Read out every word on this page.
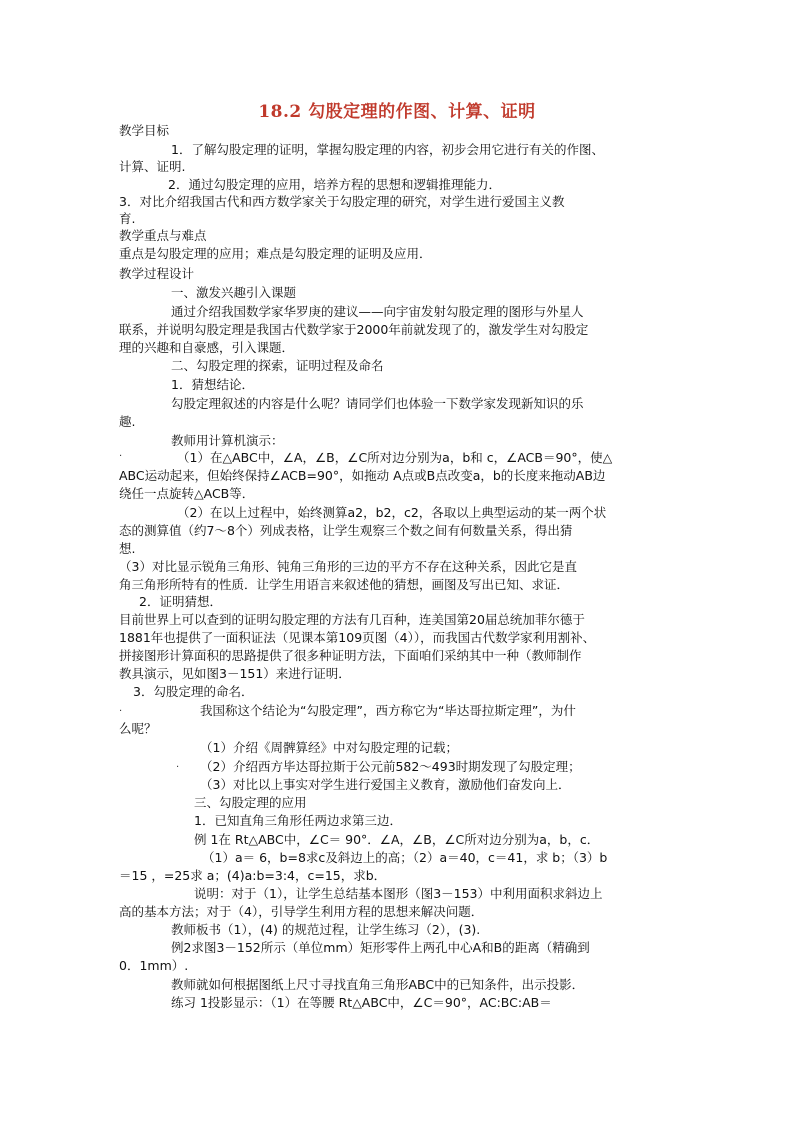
18.2 勾股定理的作图、计算、证明
教学目标
1．了解勾股定理的证明，掌握勾股定理的内容，初步会用它进行有关的作图、
计算、证明.
2．通过勾股定理的应用，培养方程的思想和逻辑推理能力．
3．对比介绍我国古代和西方数学家关于勾股定理的研究，对学生进行爱国主义教
育.
教学重点与难点
重点是勾股定理的应用；难点是勾股定理的证明及应用．
教学过程设计
一、激发兴趣引入课题
通过介绍我国数学家华罗庚的建议——向宇宙发射勾股定理的图形与外星人
联系，并说明勾股定理是我国古代数学家于2000年前就发现了的，激发学生对勾股定
理的兴趣和自豪感，引入课题．
二、勾股定理的探索，证明过程及命名
1．猜想结论．
勾股定理叙述的内容是什么呢？请同学们也体验一下数学家发现新知识的乐
趣.
教师用计算机演示：
.	（1）在△ABC中，∠A，∠B，∠C所对边分别为a，b和 c，∠ACB＝90°，使△
ABC运动起来，但始终保持∠ACB=90°，如拖动 A点或B点改变a，b的长度来拖动AB边
绕任一点旋转△ACB等．
（2）在以上过程中，始终测算a2，b2，c2，各取以上典型运动的某一两个状
态的测算值（约7～8个）列成表格，让学生观察三个数之间有何数量关系，得出猜
想.
（3）对比显示锐角三角形、钝角三角形的三边的平方不存在这种关系，因此它是直
角三角形所特有的性质．让学生用语言来叙述他的猜想，画图及写出已知、求证．
2．证明猜想．
目前世界上可以查到的证明勾股定理的方法有几百种，连美国第20届总统加菲尔德于
1881年也提供了一面积证法（见课本第109页图（4）），而我国古代数学家利用割补、
拼接图形计算面积的思路提供了很多种证明方法，下面咱们采纳其中一种（教师制作
教具演示，见如图3－151）来进行证明．
3．勾股定理的命名．
.	我国称这个结论为“勾股定理”，西方称它为“毕达哥拉斯定理”，为什
么呢？
（1）介绍《周髀算经》中对勾股定理的记载；
. （2）介绍西方毕达哥拉斯于公元前582～493时期发现了勾股定理；
（3）对比以上事实对学生进行爱国主义教育，激励他们奋发向上．
三、勾股定理的应用
1．已知直角三角形任两边求第三边．
例 1在 Rt△ABC中，∠C＝ 90°．∠A，∠B，∠C所对边分别为a，b，c．
（1）a＝ 6，b=8求c及斜边上的高；（2）a＝40，c＝41，求 b；（3）b
＝15 ，=25求 a；(4)a:b=3:4，c=15，求b．
说明：对于（1），让学生总结基本图形（图3－153）中利用面积求斜边上
高的基本方法；对于（4），引导学生利用方程的思想来解决问题．
教师板书（1），(4) 的规范过程，让学生练习（2），(3).
例2求图3－152所示（单位mm）矩形零件上两孔中心A和B的距离（精确到
0．1mm）.
教师就如何根据图纸上尺寸寻找直角三角形ABC中的已知条件，出示投影．
练习 1投影显示：（1）在等腰 Rt△ABC中，∠C＝90°，AC:BC:AB＝
